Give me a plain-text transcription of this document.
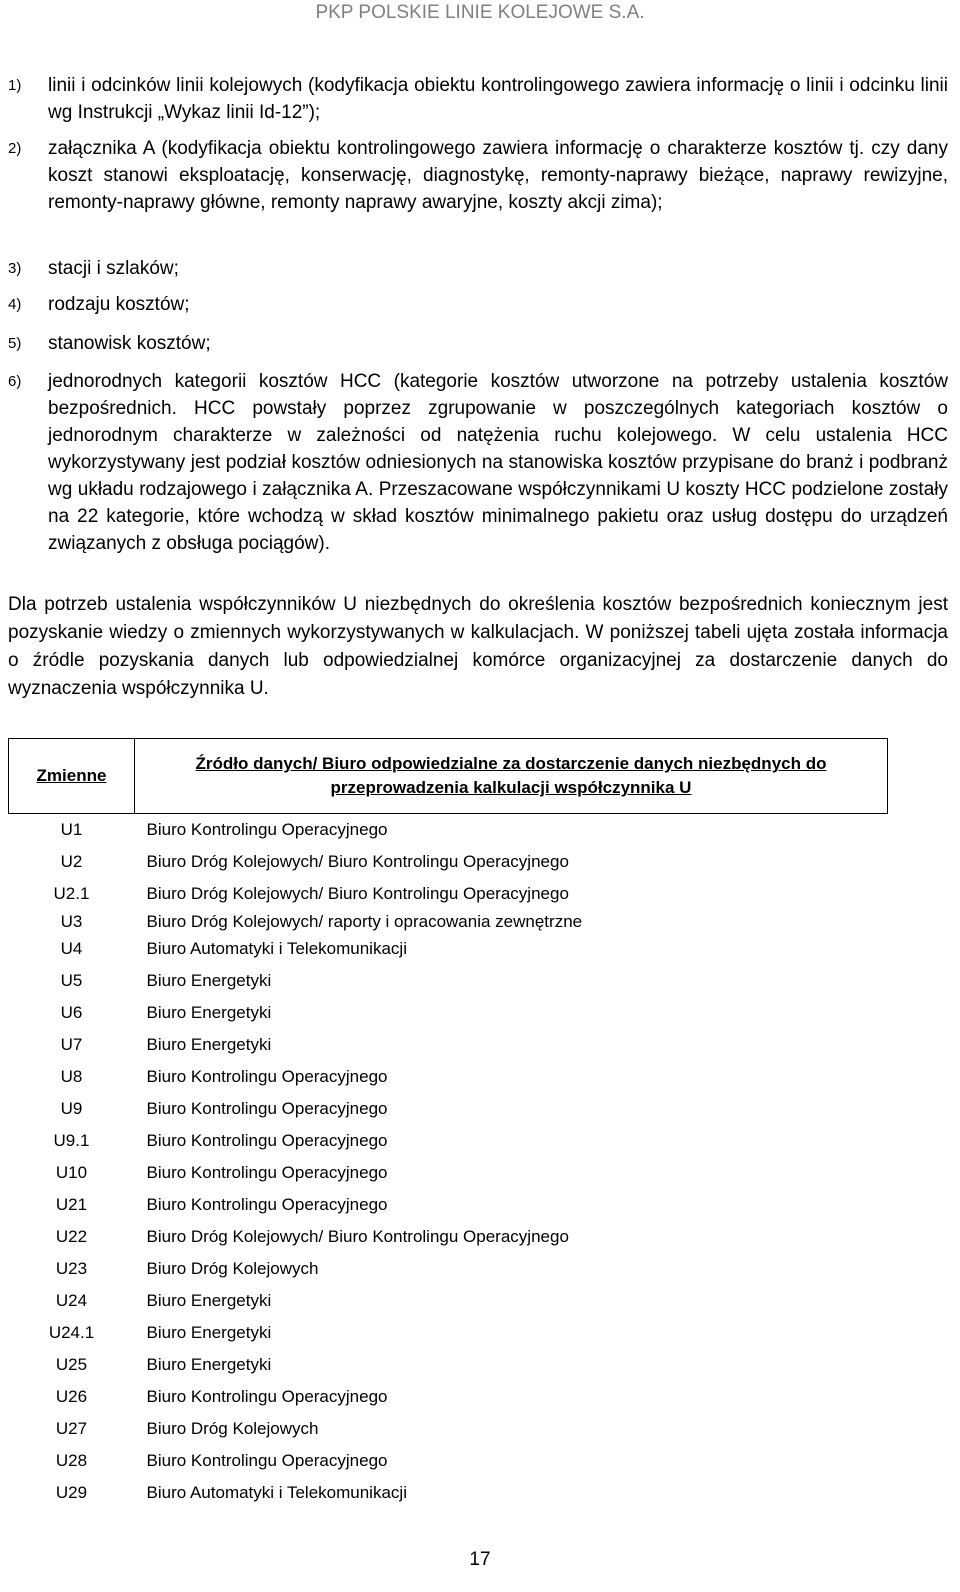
PKP POLSKIE LINIE KOLEJOWE S.A.

1) linii i odcinków linii kolejowych (kodyfikacja obiektu kontrolingowego zawiera informację o linii i odcinku linii wg Instrukcji „Wykaz linii Id-12”);

2) załącznika A (kodyfikacja obiektu kontrolingowego zawiera informację o charakterze kosztów tj. czy dany koszt stanowi eksploatację, konserwację, diagnostykę, remonty-naprawy bieżące, naprawy rewizyjne, remonty-naprawy główne, remonty naprawy awaryjne, koszty akcji zima);

3) stacji i szlaków;

4) rodzaju kosztów;

5) stanowisk kosztów;

6) jednorodnych kategorii kosztów HCC (kategorie kosztów utworzone na potrzeby ustalenia kosztów bezpośrednich. HCC powstały poprzez zgrupowanie w poszczególnych kategoriach kosztów o jednorodnym charakterze w zależności od natężenia ruchu kolejowego. W celu ustalenia HCC wykorzystywany jest podział kosztów odniesionych na stanowiska kosztów przypisane do branż i podbranż wg układu rodzajowego i załącznika A. Przeszacowane współczynnikami U koszty HCC podzielone zostały na 22 kategorie, które wchodzą w skład kosztów minimalnego pakietu oraz usług dostępu do urządzeń związanych z obsługa pociągów).

Dla potrzeb ustalenia współczynników U niezbędnych do określenia kosztów bezpośrednich koniecznym jest pozyskanie wiedzy o zmiennych wykorzystywanych w kalkulacjach. W poniższej tabeli ujęta została informacja o źródle pozyskania danych lub odpowiedzialnej komórce organizacyjnej za dostarczenie danych do wyznaczenia współczynnika U.

Zmienne	Źródło danych/ Biuro odpowiedzialne za dostarczenie danych niezbędnych do przeprowadzenia kalkulacji współczynnika U
U1	Biuro Kontrolingu Operacyjnego
U2	Biuro Dróg Kolejowych/ Biuro Kontrolingu Operacyjnego
U2.1	Biuro Dróg Kolejowych/ Biuro Kontrolingu Operacyjnego
U3	Biuro Dróg Kolejowych/ raporty i opracowania zewnętrzne
U4	Biuro Automatyki i Telekomunikacji
U5	Biuro Energetyki
U6	Biuro Energetyki
U7	Biuro Energetyki
U8	Biuro Kontrolingu Operacyjnego
U9	Biuro Kontrolingu Operacyjnego
U9.1	Biuro Kontrolingu Operacyjnego
U10	Biuro Kontrolingu Operacyjnego
U21	Biuro Kontrolingu Operacyjnego
U22	Biuro Dróg Kolejowych/ Biuro Kontrolingu Operacyjnego
U23	Biuro Dróg Kolejowych
U24	Biuro Energetyki
U24.1	Biuro Energetyki
U25	Biuro Energetyki
U26	Biuro Kontrolingu Operacyjnego
U27	Biuro Dróg Kolejowych
U28	Biuro Kontrolingu Operacyjnego
U29	Biuro Automatyki i Telekomunikacji
17
